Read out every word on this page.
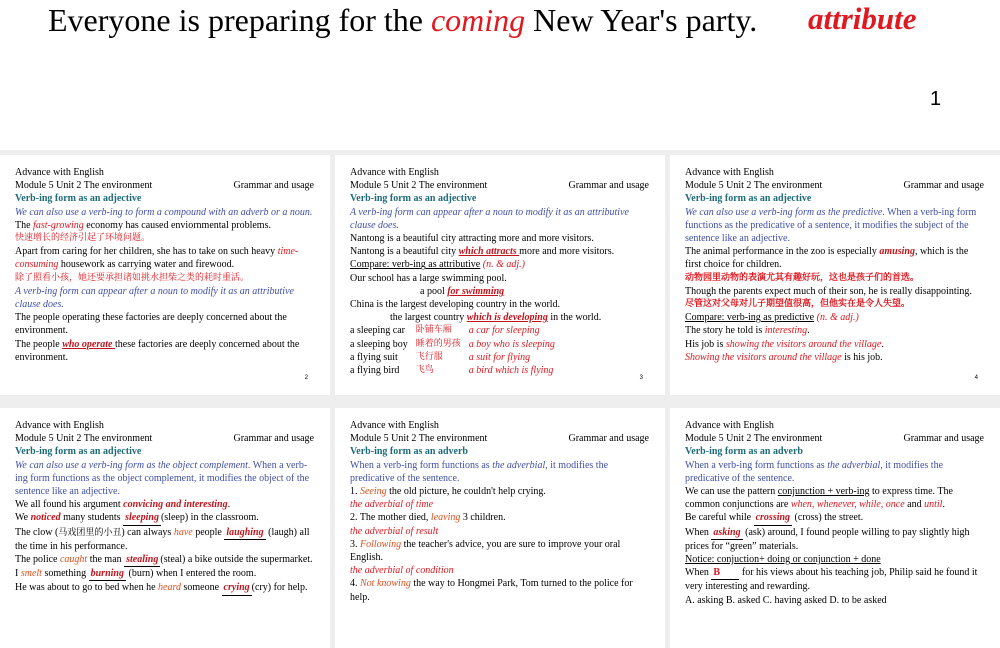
Everyone is preparing for the coming New Year's party. attribute
1
Advance with English
Module 5 Unit 2 The environment	Grammar and usage
Verb-ing form as an adjective
We can also use a verb-ing to form a compound with an adverb or a noun.
The fast-growing economy has caused enviornmental problems.
快速增长的经济引起了环境问题。
Apart from caring for her children, she has to take on such heavy time-consuming housework as carrying water and firewood.
除了照看小孩，她还要承担诸如挑水担柴之类的耗时重活。
A verb-ing form can appear after a noun to modify it as an attributive clause does.
The people operating these factories are deeply concerned about the environment.
The people who operate these factories are deeply concerned about the environment.
2
Advance with English
Module 5 Unit 2 The environment	Grammar and usage
Verb-ing form as an adjective
A verb-ing form can appear after a noun to modify it as an attributive clause does.
Nantong is a beautiful city attracting more and more visitors.
Nantong is a beautiful city which attracts more and more visitors.
Compare: verb-ing as attributive (n. & adj.)
Our school has a large swimming pool.
a pool for swimming
China is the largest developing country in the world.
the largest country which is developing in the world.
a sleeping car	卧铺车厢	a car for sleeping
a sleeping boy	睡着的男孩	a boy who is sleeping
a flying suit	飞行服	a suit for flying
a flying bird	飞鸟	a bird which is flying
3
Advance with English
Module 5 Unit 2 The environment	Grammar and usage
Verb-ing form as an adjective
We can also use a verb-ing form as the predictive. When a verb-ing form functions as the predicative of a sentence, it modifies the subject of the sentence like an adjective.
The animal performance in the zoo is especially amusing, which is the first choice for children.
动物园里动物的表演尤其有趣好玩，这也是孩子们的首选。
Though the parents expect much of their son, he is really disappointing.
尽管这对父母对儿子期望值很高，但他实在是令人失望。
Compare: verb-ing as predictive (n. & adj.)
The story he told is interesting.
His job is showing the visitors around the village.
Showing the visitors around the village is his job.
4
Advance with English
Module 5 Unit 2 The environment	Grammar and usage
Verb-ing form as an adjective
We can also use a verb-ing form as the object complement. When a verb-ing form functions as the object complement, it modifies the object of the sentence like an adjective.
We all found his argument convicing and interesting.
We noticed many students sleeping(sleep) in the classroom.
The clow (马戏团里的小丑) can always have people laughing (laugh) all the time in his performance.
The police caught the man stealing(steal) a bike outside the supermarket.
I smelt something burning (burn) when I entered the room.
He was about to go to bed when he heard someone crying(cry) for help.
Advance with English
Module 5 Unit 2 The environment	Grammar and usage
Verb-ing form as an adverb
When a verb-ing form functions as the adverbial, it modifies the predicative of the sentence.
1. Seeing the old picture, he couldn't help crying.
the adverbial of time
2. The mother died, leaving 3 children.
the adverbial of result
3. Following the teacher's advice, you are sure to improve your oral English.
the adverbial of condition
4. Not knowing the way to Hongmei Park, Tom turned to the police for help.
Advance with English
Module 5 Unit 2 The environment	Grammar and usage
Verb-ing form as an adverb
When a verb-ing form functions as the adverbial, it modifies the predicative of the sentence.
We can use the pattern conjunction + verb-ing to express time. The common conjunctions are when, whenever, while, once and until.
Be careful while crossing (cross) the street.
When asking (ask) around, I found people willing to pay slightly high prices for “green” materials.
Notice: conjuction+ doing or conjunction + done
When B for his views about his teaching job, Philip said he found it very interesting and rewarding.
A. asking B. asked C. having asked D. to be asked
